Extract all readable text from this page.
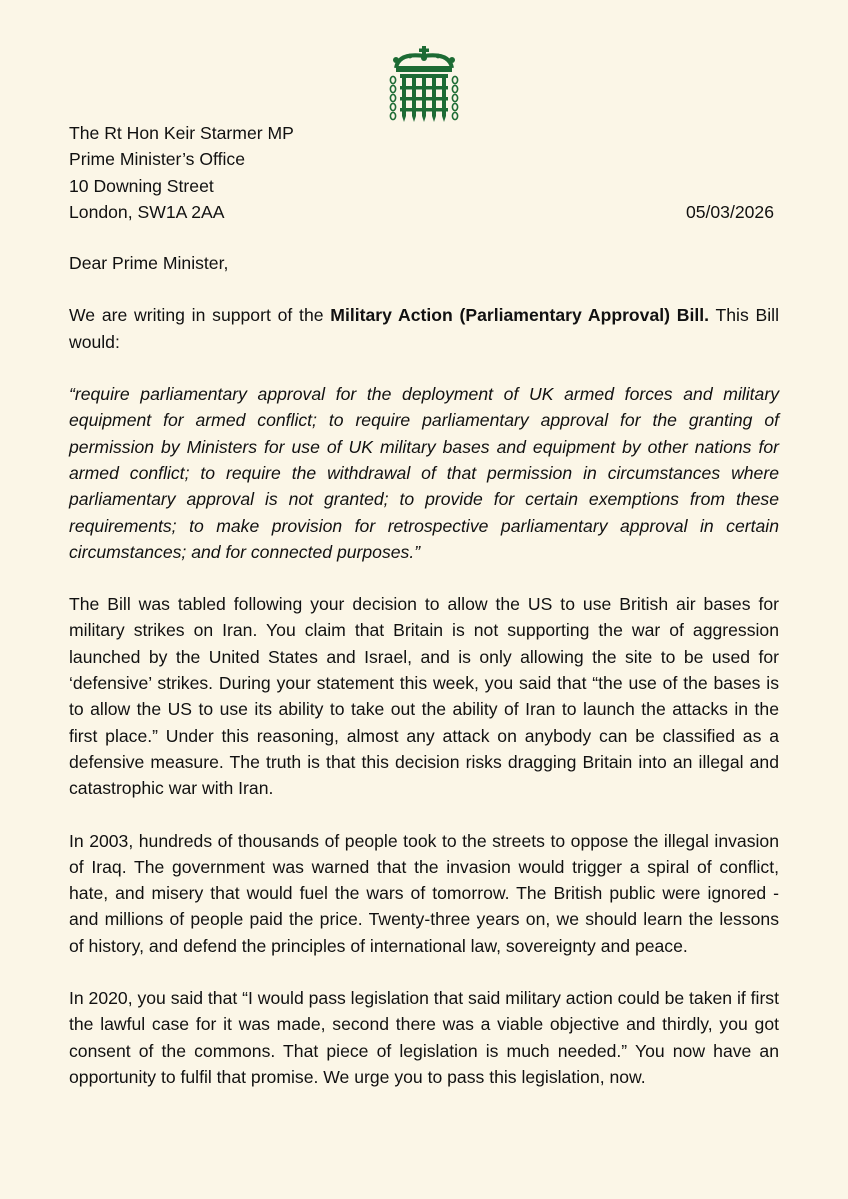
The Rt Hon Keir Starmer MP
Prime Minister’s Office
10 Downing Street
London, SW1A 2AA	05/03/2026
Dear Prime Minister,

We are writing in support of the Military Action (Parliamentary Approval) Bill. This Bill would:

“require parliamentary approval for the deployment of UK armed forces and military equipment for armed conflict; to require parliamentary approval for the granting of permission by Ministers for use of UK military bases and equipment by other nations for armed conflict; to require the withdrawal of that permission in circumstances where parliamentary approval is not granted; to provide for certain exemptions from these requirements; to make provision for retrospective parliamentary approval in certain circumstances; and for connected purposes.”

The Bill was tabled following your decision to allow the US to use British air bases for military strikes on Iran. You claim that Britain is not supporting the war of aggression launched by the United States and Israel, and is only allowing the site to be used for ‘defensive’ strikes. During your statement this week, you said that “the use of the bases is to allow the US to use its ability to take out the ability of Iran to launch the attacks in the first place.” Under this reasoning, almost any attack on anybody can be classified as a defensive measure. The truth is that this decision risks dragging Britain into an illegal and catastrophic war with Iran.

In 2003, hundreds of thousands of people took to the streets to oppose the illegal invasion of Iraq. The government was warned that the invasion would trigger a spiral of conflict, hate, and misery that would fuel the wars of tomorrow. The British public were ignored - and millions of people paid the price. Twenty-three years on, we should learn the lessons of history, and defend the principles of international law, sovereignty and peace.

In 2020, you said that “I would pass legislation that said military action could be taken if first the lawful case for it was made, second there was a viable objective and thirdly, you got consent of the commons. That piece of legislation is much needed.” You now have an opportunity to fulfil that promise. We urge you to pass this legislation, now.
